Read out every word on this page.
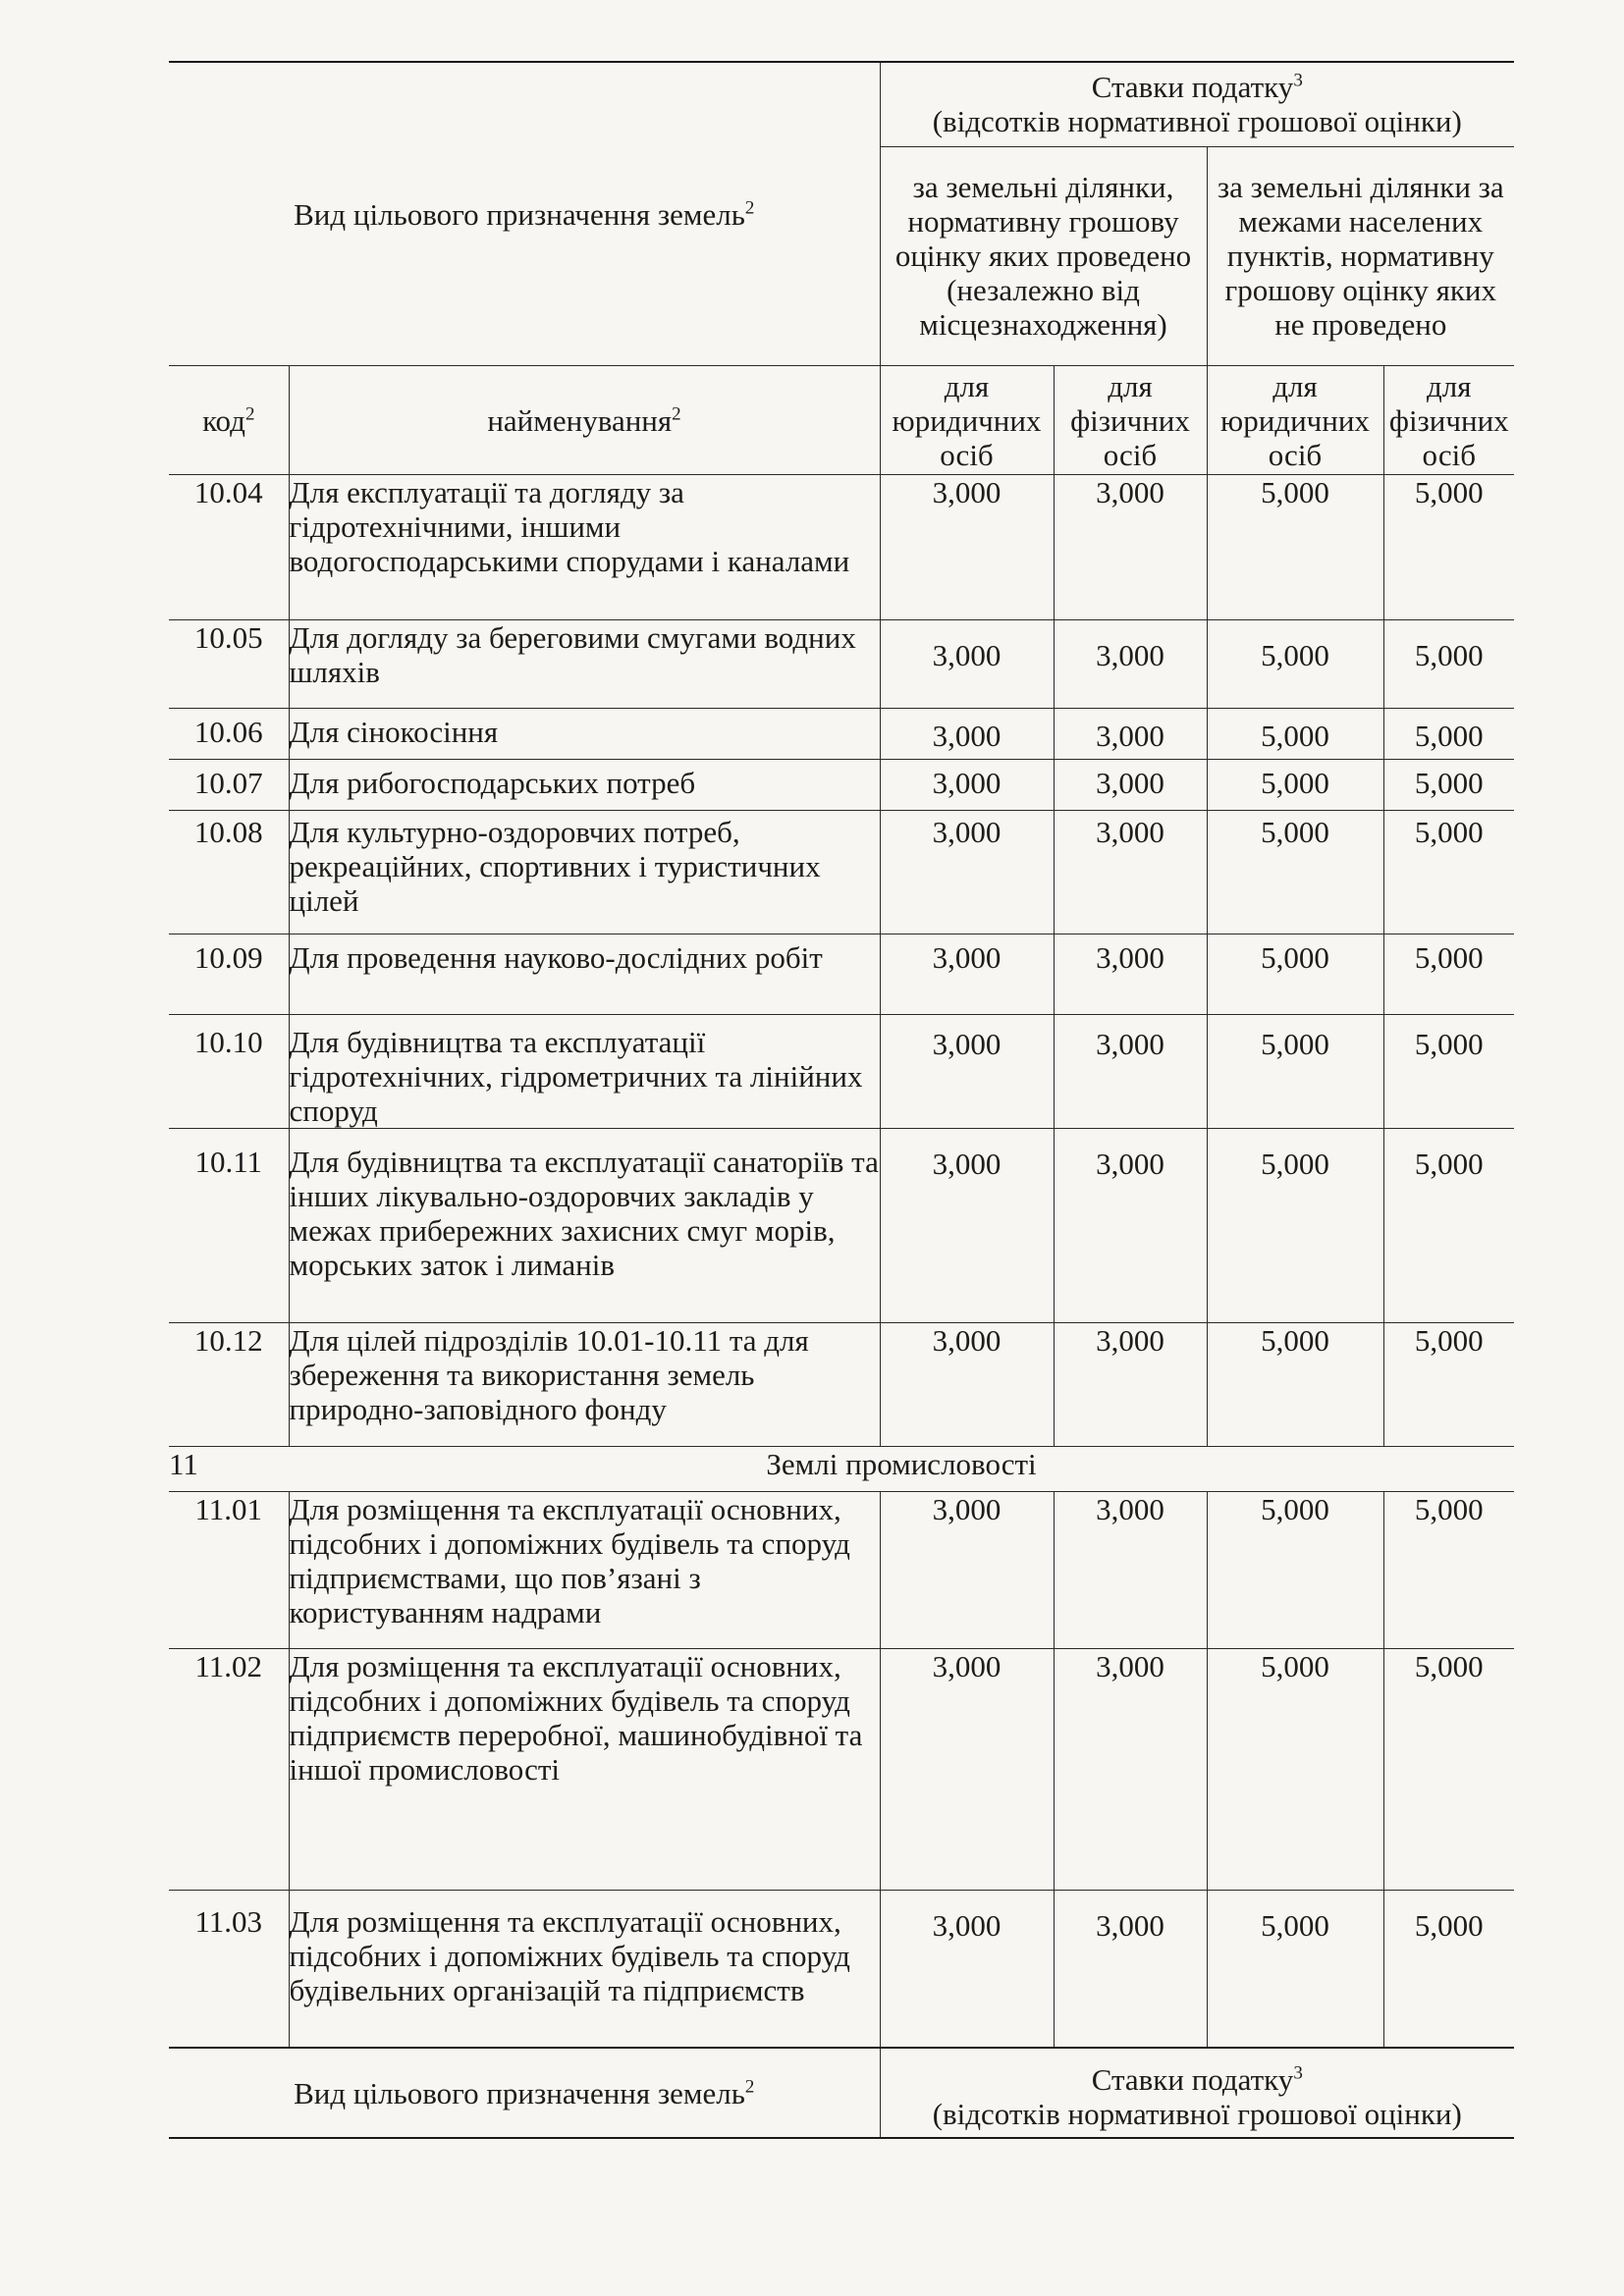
Вид цільового призначення земель$^2$		Ставки податку$^3$
(відсотків нормативної грошової оцінки)			

		за земельні ділянки, нормативну грошову оцінку яких проведено (незалежно від місцезнаходження)		за земельні ділянки за межами населених пунктів, нормативну грошову оцінку яких не проведено	
код$^2$	найменування$^2$	для юридичних осіб	для фізичних осіб	для юридичних осіб	для фізичних осіб
10.04	Для експлуатації та догляду за гідротехнічними, іншими водогосподарськими спорудами і каналами	3,000	3,000	5,000	5,000
10.05	Для догляду за береговими смугами водних шляхів	3,000	3,000	5,000	5,000
10.06	Для сінокосіння	3,000	3,000	5,000	5,000
10.07	Для рибогосподарських потреб	3,000	3,000	5,000	5,000
10.08	Для культурно-оздоровчих потреб, рекреаційних, спортивних і туристичних цілей	3,000	3,000	5,000	5,000
10.09	Для проведення науково-дослідних робіт	3,000	3,000	5,000	5,000
10.10	Для будівництва та експлуатації гідротехнічних, гідрометричних та лінійних споруд	3,000	3,000	5,000	5,000
10.11	Для будівництва та експлуатації санаторіїв та інших лікувально-оздоровчих закладів у межах прибережних захисних смуг морів, морських заток і лиманів	3,000	3,000	5,000	5,000
10.12	Для цілей підрозділів 10.01-10.11 та для збереження та використання земель природно-заповідного фонду	3,000	3,000	5,000	5,000
11	Землі промисловості				
11.01	Для розміщення та експлуатації основних, підсобних і допоміжних будівель та споруд підприємствами, що пов’язані з користуванням надрами	3,000	3,000	5,000	5,000
11.02	Для розміщення та експлуатації основних, підсобних і допоміжних будівель та споруд підприємств переробної, машинобудівної та іншої промисловості	3,000	3,000	5,000	5,000
11.03	Для розміщення та експлуатації основних, підсобних і допоміжних будівель та споруд будівельних організацій та підприємств	3,000	3,000	5,000	5,000
Вид цільового призначення земель$^2$		Ставки податку$^3$
(відсотків нормативної грошової оцінки)			
